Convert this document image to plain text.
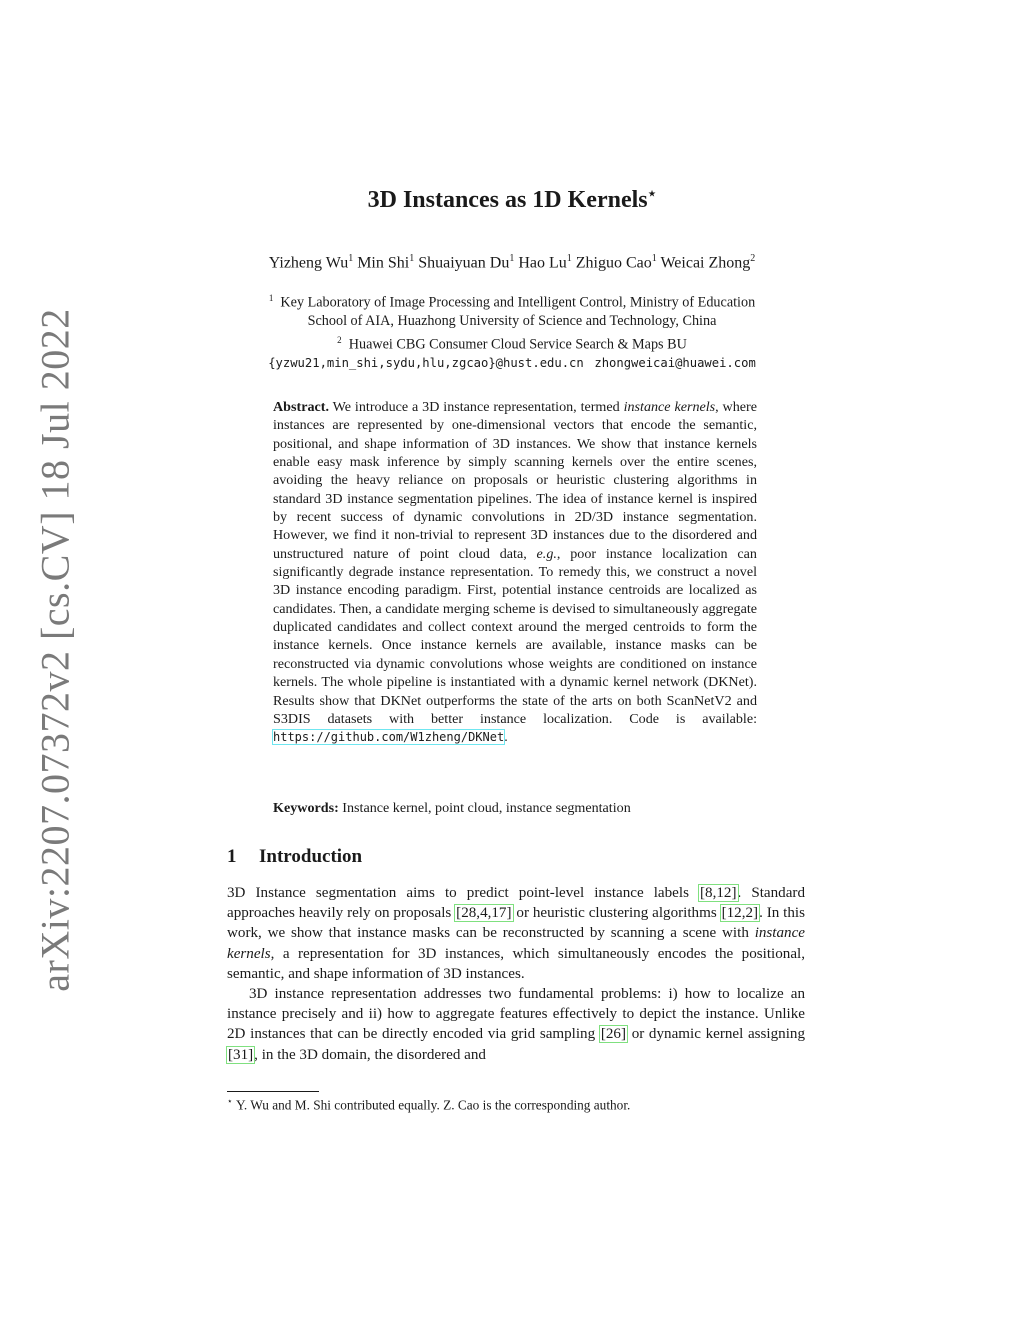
arXiv:2207.07372v2 [cs.CV] 18 Jul 2022
3D Instances as 1D Kernels⋆
Yizheng Wu$^1$ Min Shi$^1$ Shuaiyuan Du$^1$ Hao Lu$^1$ Zhiguo Cao$^1$ Weicai Zhong$^2$
$^1$ Key Laboratory of Image Processing and Intelligent Control, Ministry of Education
School of AIA, Huazhong University of Science and Technology, China
$^2$ Huawei CBG Consumer Cloud Service Search & Maps BU
{yzwu21,min_shi,sydu,hlu,zgcao}@hust.edu.cn zhongweicai@huawei.com
Abstract. We introduce a 3D instance representation, termed instance kernels, where instances are represented by one-dimensional vectors that encode the semantic, positional, and shape information of 3D instances. We show that instance kernels enable easy mask inference by simply scanning kernels over the entire scenes, avoiding the heavy reliance on proposals or heuristic clustering algorithms in standard 3D instance segmentation pipelines. The idea of instance kernel is inspired by recent success of dynamic convolutions in 2D/3D instance segmentation. However, we find it non-trivial to represent 3D instances due to the disordered and unstructured nature of point cloud data, e.g., poor instance localization can significantly degrade instance representation. To remedy this, we construct a novel 3D instance encoding paradigm. First, potential instance centroids are localized as candidates. Then, a candidate merging scheme is devised to simultaneously aggregate duplicated candidates and collect context around the merged centroids to form the instance kernels. Once instance kernels are available, instance masks can be reconstructed via dynamic convolutions whose weights are conditioned on instance kernels. The whole pipeline is instantiated with a dynamic kernel network (DKNet). Results show that DKNet outperforms the state of the arts on both ScanNetV2 and S3DIS datasets with better instance localization. Code is available: https://github.com/W1zheng/DKNet.
Keywords: Instance kernel, point cloud, instance segmentation
1 Introduction

3D Instance segmentation aims to predict point-level instance labels [8,12]. Standard approaches heavily rely on proposals [28,4,17] or heuristic clustering algorithms [12,2]. In this work, we show that instance masks can be reconstructed by scanning a scene with instance kernels, a representation for 3D instances, which simultaneously encodes the positional, semantic, and shape information of 3D instances.

3D instance representation addresses two fundamental problems: i) how to localize an instance precisely and ii) how to aggregate features effectively to depict the instance. Unlike 2D instances that can be directly encoded via grid sampling [26] or dynamic kernel assigning [31], in the 3D domain, the disordered and

⋆ Y. Wu and M. Shi contributed equally. Z. Cao is the corresponding author.
